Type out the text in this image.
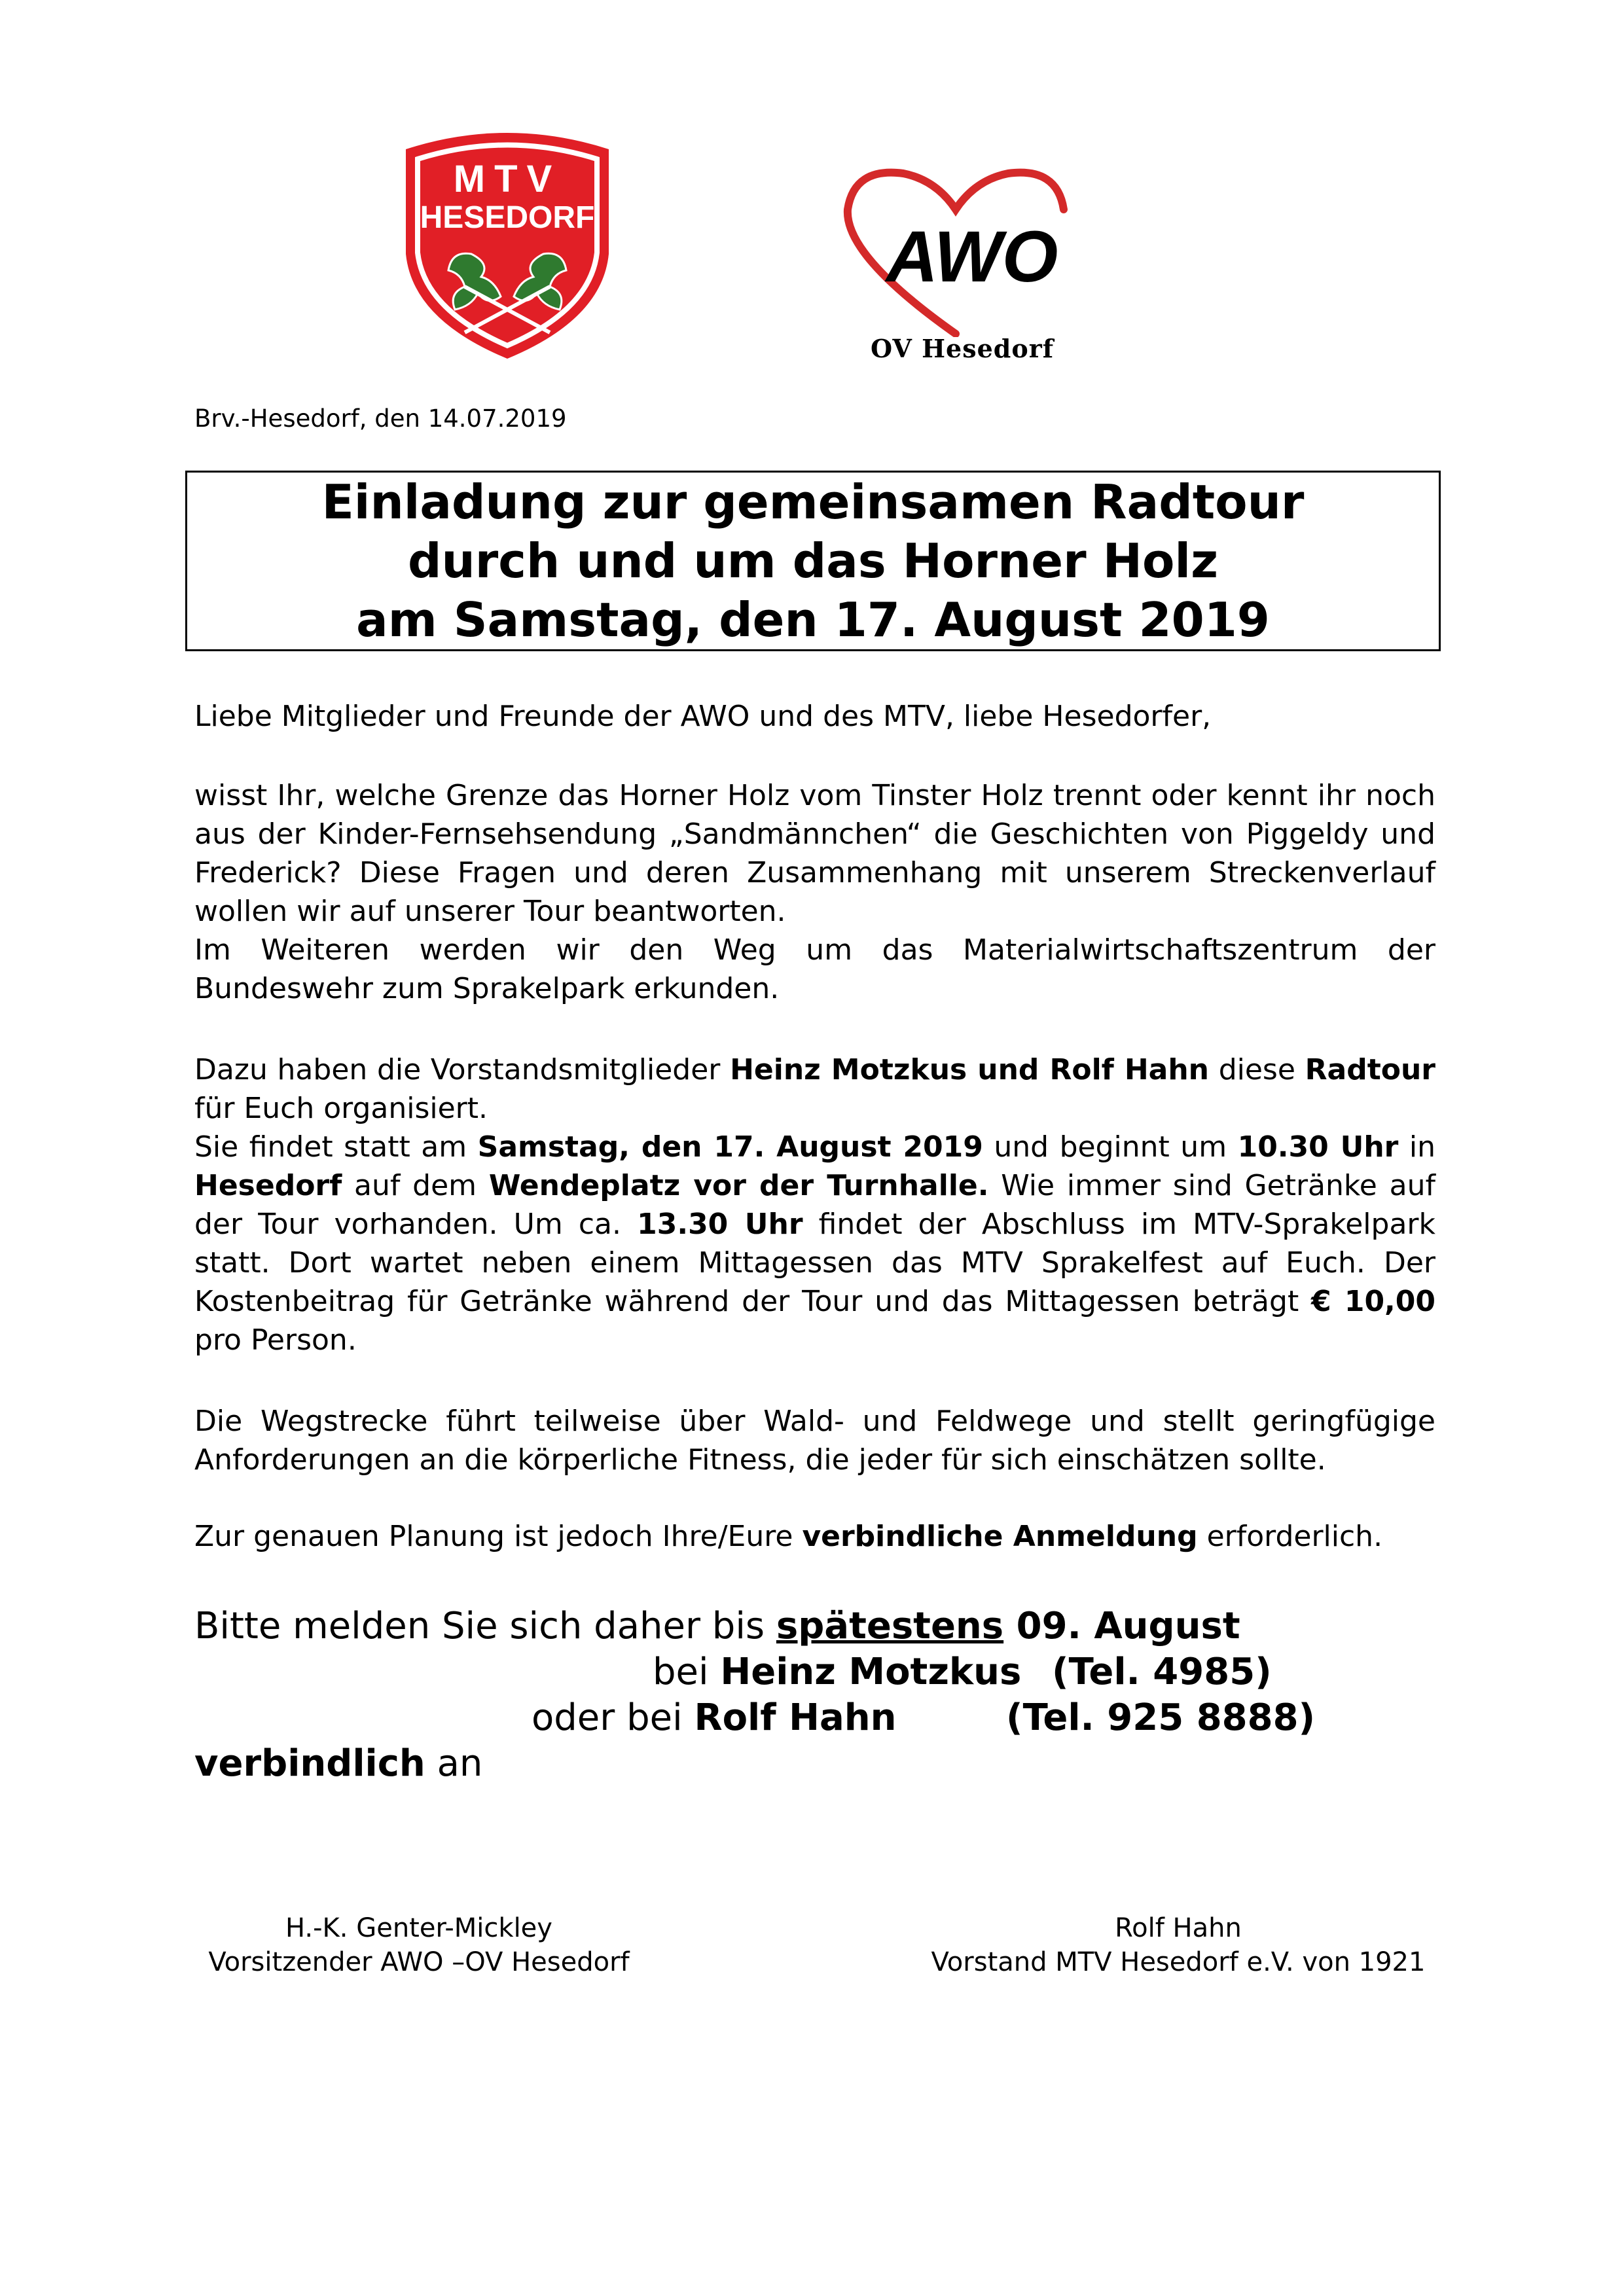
MTV
HESEDORF	AWO
OV Hesedorf
Brv.-Hesedorf, den 14.07.2019
Einladung zur gemeinsamen Radtour
durch und um das Horner Holz
am Samstag, den 17. August 2019
Liebe Mitglieder und Freunde der AWO und des MTV, liebe Hesedorfer,
wisst Ihr, welche Grenze das Horner Holz vom Tinster Holz trennt oder kennt ihr noch aus der Kinder-Fernsehsendung „Sandmännchen“ die Geschichten von Piggeldy und Frederick? Diese Fragen und deren Zusammenhang mit unserem Streckenverlauf wollen wir auf unserer Tour beantworten.
Im Weiteren werden wir den Weg um das Materialwirtschaftszentrum der Bundeswehr zum Sprakelpark erkunden.
Dazu haben die Vorstandsmitglieder Heinz Motzkus und Rolf Hahn diese Radtour für Euch organisiert.
Sie findet statt am Samstag, den 17. August 2019 und beginnt um 10.30 Uhr in Hesedorf auf dem Wendeplatz vor der Turnhalle. Wie immer sind Getränke auf der Tour vorhanden. Um ca. 13.30 Uhr findet der Abschluss im MTV-Sprakelpark statt. Dort wartet neben einem Mittagessen das MTV Sprakelfest auf Euch. Der Kostenbeitrag für Getränke während der Tour und das Mittagessen beträgt € 10,00 pro Person.
Die Wegstrecke führt teilweise über Wald- und Feldwege und stellt geringfügige Anforderungen an die körperliche Fitness, die jeder für sich einschätzen sollte.
Zur genauen Planung ist jedoch Ihre/Eure verbindliche Anmeldung erforderlich.
Bitte melden Sie sich daher bis spätestens 09. August
bei Heinz Motzkus (Tel. 4985)
oder bei Rolf Hahn	(Tel. 925 8888)
verbindlich an
H.-K. Genter-Mickley
Vorsitzender AWO –OV Hesedorf
Rolf Hahn
Vorstand MTV Hesedorf e.V. von 1921
